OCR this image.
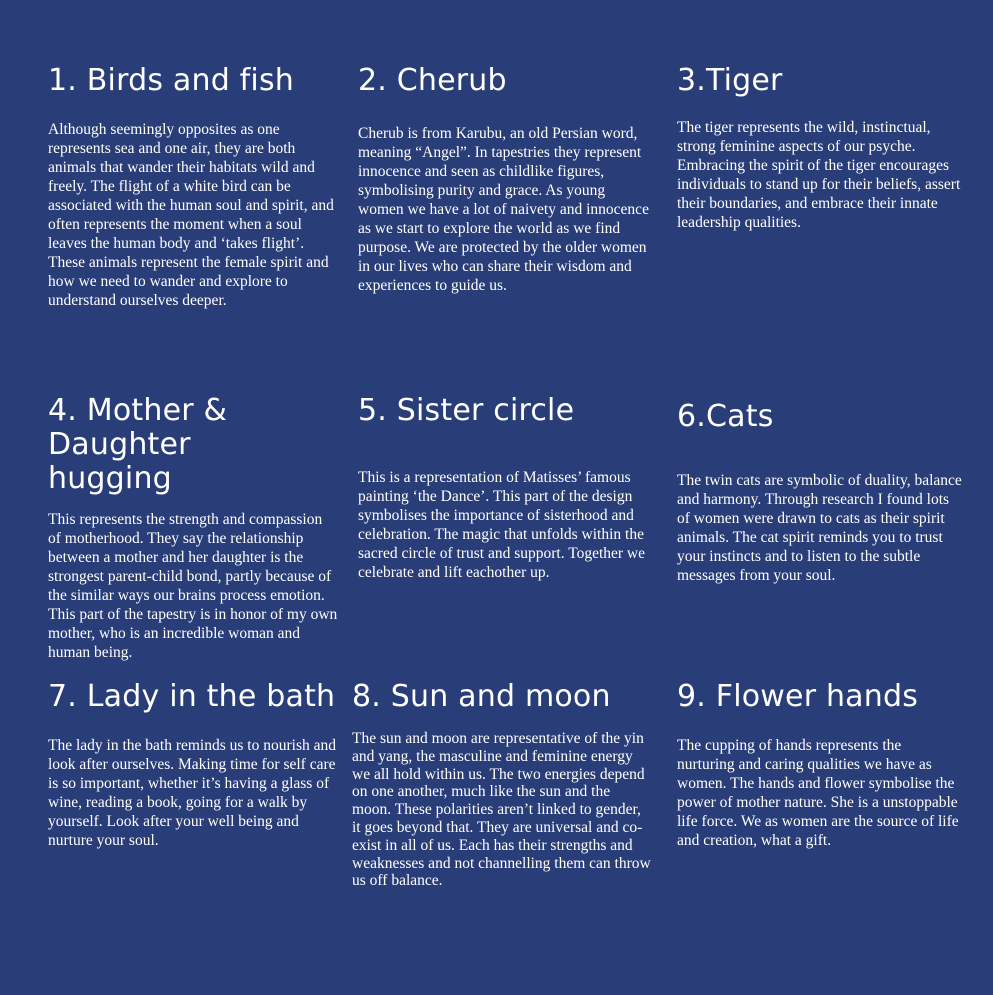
1. Birds and fish

Although seemingly opposites as one represents sea and one air, they are both animals that wander their habitats wild and freely. The flight of a white bird can be associated with the human soul and spirit, and often represents the moment when a soul leaves the human body and ‘takes flight’. These animals represent the female spirit and how we need to wander and explore to understand ourselves deeper.

2. Cherub

Cherub is from Karubu, an old Persian word, meaning “Angel”. In tapestries they represent innocence and seen as childlike figures, symbolising purity and grace. As young women we have a lot of naivety and innocence as we start to explore the world as we find purpose. We are protected by the older women in our lives who can share their wisdom and experiences to guide us.

3.Tiger

The tiger represents the wild, instinctual, strong feminine aspects of our psyche. Embracing the spirit of the tiger encourages individuals to stand up for their beliefs, assert their boundaries, and embrace their innate leadership qualities.

4. Mother & Daughter hugging

This represents the strength and compassion of motherhood. They say the relationship between a mother and her daughter is the strongest parent-child bond, partly because of the similar ways our brains process emotion. This part of the tapestry is in honor of my own mother, who is an incredible woman and human being.

5. Sister circle

This is a representation of Matisses’ famous painting ‘the Dance’. This part of the design symbolises the importance of sisterhood and celebration. The magic that unfolds within the sacred circle of trust and support. Together we celebrate and lift eachother up.

6.Cats

The twin cats are symbolic of duality, balance and harmony. Through research I found lots of women were drawn to cats as their spirit animals. The cat spirit reminds you to trust your instincts and to listen to the subtle messages from your soul.

7. Lady in the bath

The lady in the bath reminds us to nourish and look after ourselves. Making time for self care is so important, whether it’s having a glass of wine, reading a book, going for a walk by yourself. Look after your well being and nurture your soul.

8. Sun and moon

The sun and moon are representative of the yin and yang, the masculine and feminine energy we all hold within us. The two energies depend on one another, much like the sun and the moon. These polarities aren’t linked to gender, it goes beyond that. They are universal and co-exist in all of us. Each has their strengths and weaknesses and not channelling them can throw us off balance.

9. Flower hands

The cupping of hands represents the nurturing and caring qualities we have as women. The hands and flower symbolise the power of mother nature. She is a unstoppable life force. We as women are the source of life and creation, what a gift.
